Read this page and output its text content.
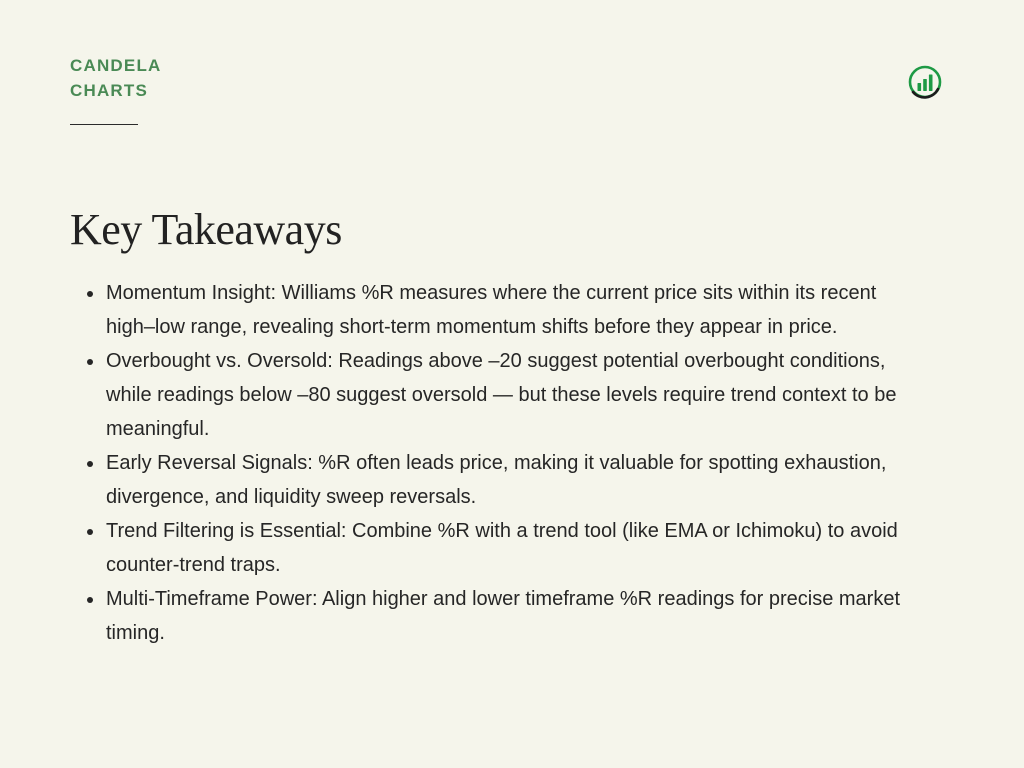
CANDELA
CHARTS
Key Takeaways
Momentum Insight: Williams %R measures where the current price sits within its recent high–low range, revealing short-term momentum shifts before they appear in price.
Overbought vs. Oversold: Readings above –20 suggest potential overbought conditions, while readings below –80 suggest oversold — but these levels require trend context to be meaningful.
Early Reversal Signals: %R often leads price, making it valuable for spotting exhaustion, divergence, and liquidity sweep reversals.
Trend Filtering is Essential: Combine %R with a trend tool (like EMA or Ichimoku) to avoid counter-trend traps.
Multi-Timeframe Power: Align higher and lower timeframe %R readings for precise market timing.
